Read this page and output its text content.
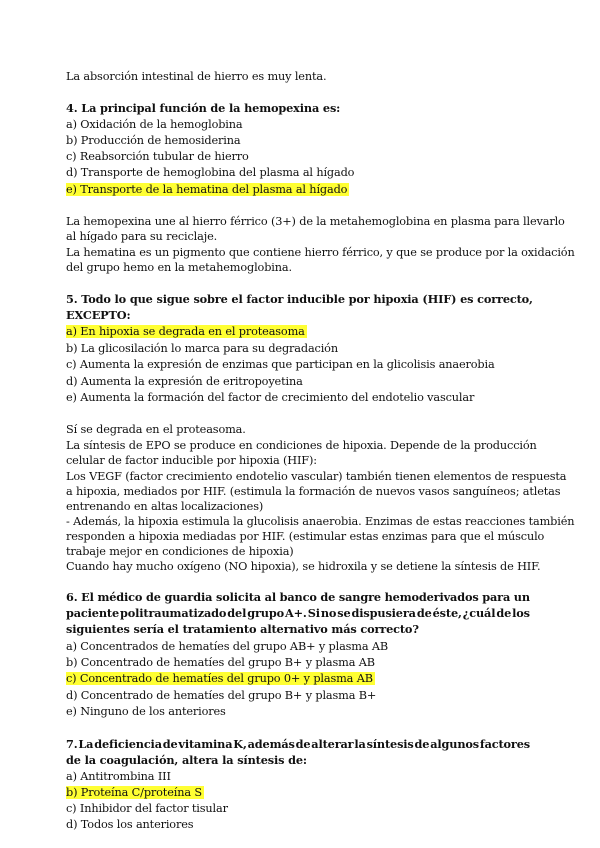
La absorción intestinal de hierro es muy lenta.
4. La principal función de la hemopexina es:
a) Oxidación de la hemoglobina
b) Producción de hemosiderina
c) Reabsorción tubular de hierro
d) Transporte de hemoglobina del plasma al hígado
e) Transporte de la hematina del plasma al hígado
La hemopexina une al hierro férrico (3+) de la metahemoglobina en plasma para llevarlo
al hígado para su reciclaje.
La hematina es un pigmento que contiene hierro férrico, y que se produce por la oxidación
del grupo hemo en la metahemoglobina.
5. Todo lo que sigue sobre el factor inducible por hipoxia (HIF) es correcto,
EXCEPTO:
a) En hipoxia se degrada en el proteasoma
b) La glicosilación lo marca para su degradación
c) Aumenta la expresión de enzimas que participan en la glicolisis anaerobia
d) Aumenta la expresión de eritropoyetina
e) Aumenta la formación del factor de crecimiento del endotelio vascular
Sí se degrada en el proteasoma.
La síntesis de EPO se produce en condiciones de hipoxia. Depende de la producción
celular de factor inducible por hipoxia (HIF):
Los VEGF (factor crecimiento endotelio vascular) también tienen elementos de respuesta
a hipoxia, mediados por HIF. (estimula la formación de nuevos vasos sanguíneos; atletas
entrenando en altas localizaciones)
- Además, la hipoxia estimula la glucolisis anaerobia. Enzimas de estas reacciones también
responden a hipoxia mediadas por HIF. (estimular estas enzimas para que el músculo
trabaje mejor en condiciones de hipoxia)
Cuando hay mucho oxígeno (NO hipoxia), se hidroxila y se detiene la síntesis de HIF.
6. El médico de guardia solicita al banco de sangre hemoderivados para un
paciente politraumatizado del grupo A+. Si no se dispusiera de éste, ¿cuál de los
siguientes sería el tratamiento alternativo más correcto?
a) Concentrados de hematíes del grupo AB+ y plasma AB
b) Concentrado de hematíes del grupo B+ y plasma AB
c) Concentrado de hematíes del grupo 0+ y plasma AB
d) Concentrado de hematíes del grupo B+ y plasma B+
e) Ninguno de los anteriores
7. La deficiencia de vitamina K, además de alterar la síntesis de algunos factores
de la coagulación, altera la síntesis de:
a) Antitrombina III
b) Proteína C/proteína S
c) Inhibidor del factor tisular
d) Todos los anteriores
